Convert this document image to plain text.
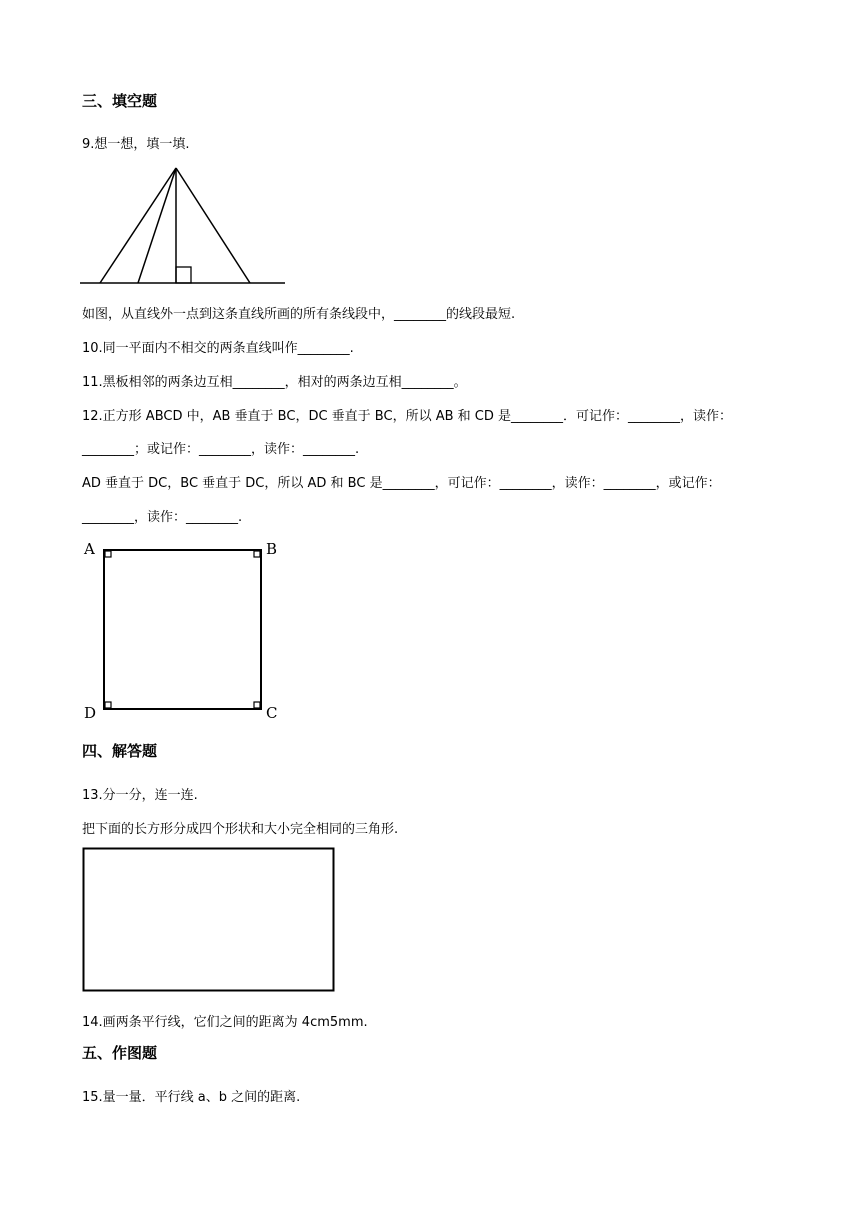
三、填空题
9.想一想，填一填.
如图，从直线外一点到这条直线所画的所有条线段中，________的线段最短.
10.同一平面内不相交的两条直线叫作________.
11.黑板相邻的两条边互相________，相对的两条边互相________。
12.正方形 ABCD 中，AB 垂直于 BC，DC 垂直于 BC，所以 AB 和 CD 是________．可记作：________，读作：
________；或记作：________，读作：________.
AD 垂直于 DC，BC 垂直于 DC，所以 AD 和 BC 是________，可记作：________，读作：________，或记作：
________，读作：________.
A	B
C
D
四、解答题
13.分一分，连一连.
把下面的长方形分成四个形状和大小完全相同的三角形.
14.画两条平行线，它们之间的距离为 4cm5mm.
五、作图题
15.量一量．平行线 a、b 之间的距离.
